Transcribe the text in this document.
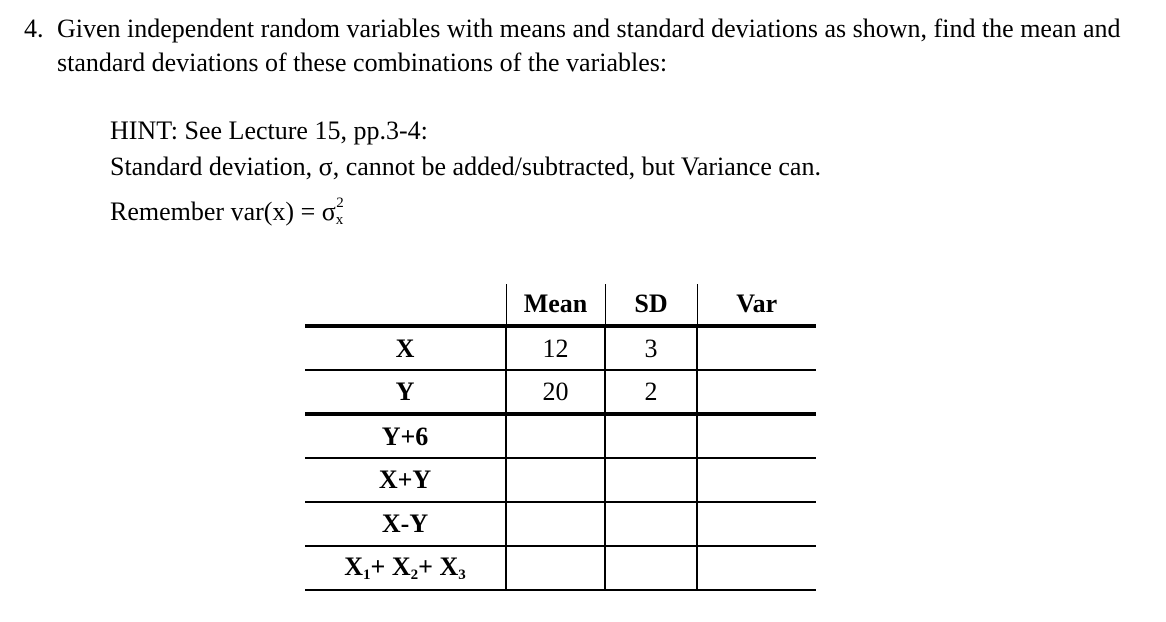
4. Given independent random variables with means and standard deviations as shown, find the mean and standard deviations of these combinations of the variables:
HINT: See Lecture 15, pp.3-4:
Standard deviation, σ, cannot be added/subtracted, but Variance can.
Remember $var(x) = \sigma_x^2$
	Mean	SD	Var
X	12	3	
Y	20	2	
Y+6			
X+Y			
X-Y			
$X_1+ X_2+ X_3$			
